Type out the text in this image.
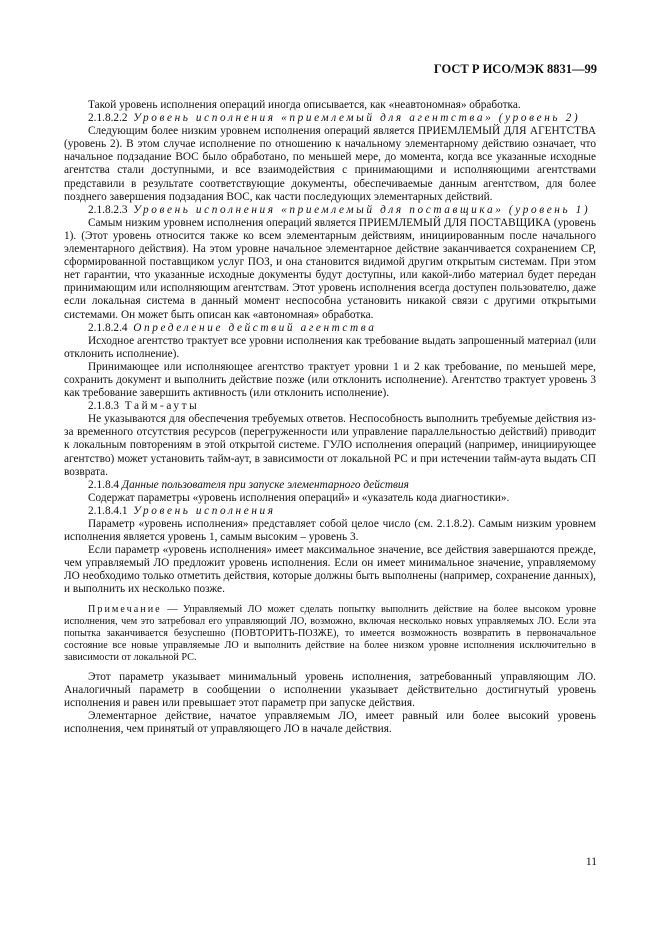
ГОСТ Р ИСО/МЭК 8831—99

Такой уровень исполнения операций иногда описывается, как «неавтономная» обработка.

2.1.8.2.2 Уровень исполнения «приемлемый для агентства» (уровень 2)

Следующим более низким уровнем исполнения операций является ПРИЕМЛЕМЫЙ ДЛЯ АГЕНТСТВА (уровень 2). В этом случае исполнение по отношению к начальному элементарному действию означает, что начальное подзадание ВОС было обработано, по меньшей мере, до момента, когда все указанные исходные агентства стали доступными, и все взаимодействия с принимающими и исполняющими агентствами представили в результате соответствующие документы, обеспечиваемые данным агентством, для более позднего завершения подзадания ВОС, как части последующих элементарных действий.

2.1.8.2.3 Уровень исполнения «приемлемый для поставщика» (уровень 1)

Самым низким уровнем исполнения операций является ПРИЕМЛЕМЫЙ ДЛЯ ПОСТАВЩИКА (уровень 1). (Этот уровень относится также ко всем элементарным действиям, инициированным после начального элементарного действия). На этом уровне начальное элементарное действие заканчивается сохранением СР, сформированной поставщиком услуг ПОЗ, и она становится видимой другим открытым системам. При этом нет гарантии, что указанные исходные документы будут доступны, или какой-либо материал будет передан принимающим или исполняющим агентствам. Этот уровень исполнения всегда доступен пользователю, даже если локальная система в данный момент неспособна установить никакой связи с другими открытыми системами. Он может быть описан как «автономная» обработка.

2.1.8.2.4 Определение действий агентства

Исходное агентство трактует все уровни исполнения как требование выдать запрошенный материал (или отклонить исполнение).

Принимающее или исполняющее агентство трактует уровни 1 и 2 как требование, по меньшей мере, сохранить документ и выполнить действие позже (или отклонить исполнение). Агентство трактует уровень 3 как требование завершить активность (или отклонить исполнение).

2.1.8.3 Тайм-ауты

Не указываются для обеспечения требуемых ответов. Неспособность выполнить требуемые действия из-за временного отсутствия ресурсов (перегруженности или управление параллельностью действий) приводит к локальным повторениям в этой открытой системе. ГУЛО исполнения операций (например, инициирующее агентство) может установить тайм-аут, в зависимости от локальной РС и при истечении тайм-аута выдать СП возврата.

2.1.8.4 Данные пользователя при запуске элементарного действия

Содержат параметры «уровень исполнения операций» и «указатель кода диагностики».

2.1.8.4.1 Уровень исполнения

Параметр «уровень исполнения» представляет собой целое число (см. 2.1.8.2). Самым низким уровнем исполнения является уровень 1, самым высоким – уровень 3.

Если параметр «уровень исполнения» имеет максимальное значение, все действия завершаются прежде, чем управляемый ЛО предложит уровень исполнения. Если он имеет минимальное значение, управляемому ЛО необходимо только отметить действия, которые должны быть выполнены (например, сохранение данных), и выполнить их несколько позже.

Примечание — Управляемый ЛО может сделать попытку выполнить действие на более высоком уровне исполнения, чем это затребовал его управляющий ЛО, возможно, включая несколько новых управляемых ЛО. Если эта попытка заканчивается безуспешно (ПОВТОРИТЬ-ПОЗЖЕ), то имеется возможность возвратить в первоначальное состояние все новые управляемые ЛО и выполнить действие на более низком уровне исполнения исключительно в зависимости от локальной РС.

Этот параметр указывает минимальный уровень исполнения, затребованный управляющим ЛО. Аналогичный параметр в сообщении о исполнении указывает действительно достигнутый уровень исполнения и равен или превышает этот параметр при запуске действия.

Элементарное действие, начатое управляемым ЛО, имеет равный или более высокий уровень исполнения, чем принятый от управляющего ЛО в начале действия.

11
